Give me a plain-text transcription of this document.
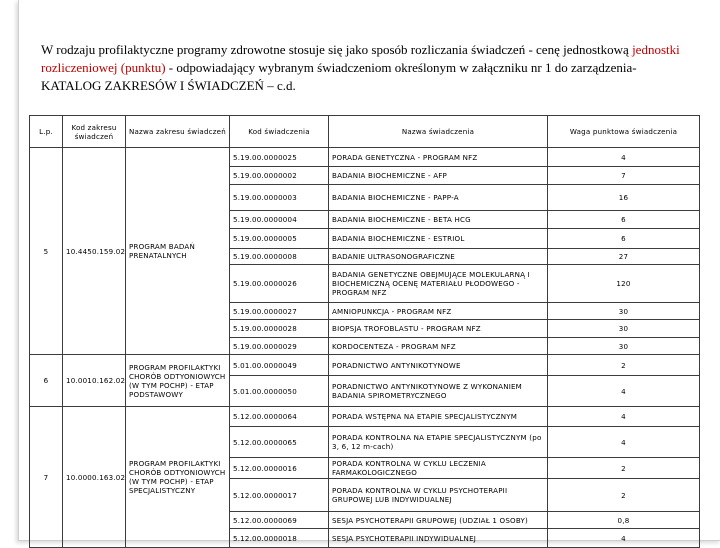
W rodzaju profilaktyczne programy zdrowotne stosuje się jako sposób rozliczania świadczeń - cenę jednostkową jednostki rozliczeniowej (punktu) - odpowiadający wybranym świadczeniom określonym w załączniku nr 1 do zarządzenia- KATALOG ZAKRESÓW I ŚWIADCZEŃ – c.d.
L.p.	Kod zakresu świadczeń	Nazwa zakresu świadczeń	Kod świadczenia	Nazwa świadczenia	Waga punktowa świadczenia
5	10.4450.159.02	PROGRAM BADAŃ PRENATALNYCH	5.19.00.0000025	PORADA GENETYCZNA - PROGRAM NFZ	4
			5.19.00.0000002	BADANIA BIOCHEMICZNE - AFP	7
			5.19.00.0000003	BADANIA BIOCHEMICZNE - PAPP-A	16
			5.19.00.0000004	BADANIA BIOCHEMICZNE - BETA HCG	6
			5.19.00.0000005	BADANIA BIOCHEMICZNE - ESTRIOL	6
			5.19.00.0000008	BADANIE ULTRASONOGRAFICZNE	27
			5.19.00.0000026	BADANIA GENETYCZNE OBEJMUJĄCE MOLEKULARNĄ I BIOCHEMICZNĄ OCENĘ MATERIAŁU PŁODOWEGO - PROGRAM NFZ	120
			5.19.00.0000027	AMNIOPUNKCJA - PROGRAM NFZ	30
			5.19.00.0000028	BIOPSJA TROFOBLASTU - PROGRAM NFZ	30
			5.19.00.0000029	KORDOCENTEZA - PROGRAM NFZ	30
6	10.0010.162.02	PROGRAM PROFILAKTYKI CHORÓB ODTYONIOWYCH (W TYM POCHP) - ETAP PODSTAWOWY	5.01.00.0000049	PORADNICTWO ANTYNIKOTYNOWE	2
			5.01.00.0000050	PORADNICTWO ANTYNIKOTYNOWE Z WYKONANIEM BADANIA SPIROMETRYCZNEGO	4
7	10.0000.163.02	PROGRAM PROFILAKTYKI CHORÓB ODTYONIOWYCH (W TYM POCHP) - ETAP SPECJALISTYCZNY	5.12.00.0000064	PORADA WSTĘPNA NA ETAPIE SPECJALISTYCZNYM	4
			5.12.00.0000065	PORADA KONTROLNA NA ETAPIE SPECJALISTYCZNYM (po 3, 6, 12 m-cach)	4
			5.12.00.0000016	PORADA KONTROLNA W CYKLU LECZENIA FARMAKOLOGICZNEGO	2
			5.12.00.0000017	PORADA KONTROLNA W CYKLU PSYCHOTERAPII GRUPOWEJ LUB INDYWIDUALNEJ	2
			5.12.00.0000069	SESJA PSYCHOTERAPII GRUPOWEJ (UDZIAŁ 1 OSOBY)	0,8
			5.12.00.0000018	SESJA PSYCHOTERAPII INDYWIDUALNEJ	4
